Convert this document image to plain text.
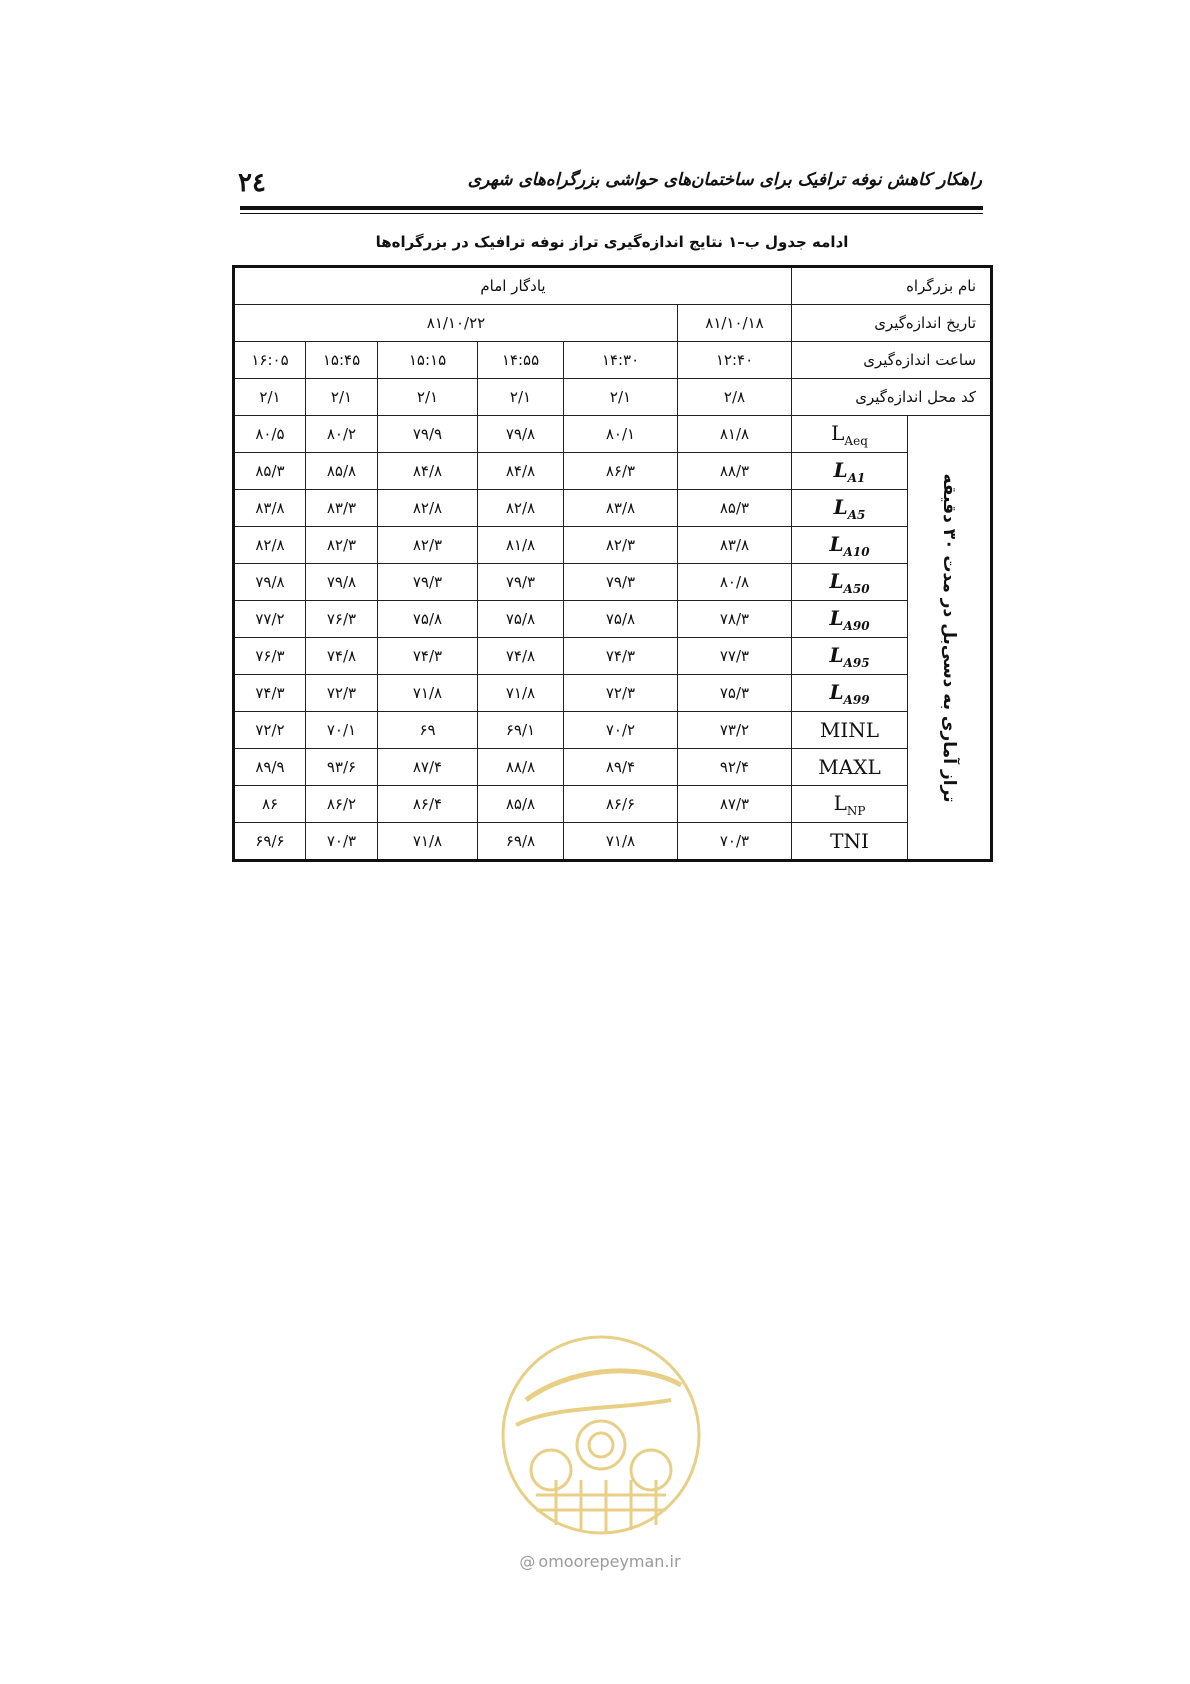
۲٤	راهکار کاهش نوفه ترافیک برای ساختمان‌های حواشی بزرگراه‌های شهری
ادامه جدول ب–۱ نتایج اندازه‌گیری تراز نوفه ترافیک در بزرگراه‌ها
نام بزرگراه		یادگار امام					
تاریخ اندازه‌گیری		۸۱/۱۰/۱۸	۸۱/۱۰/۲۲				
ساعت اندازه‌گیری		۱۲:۴۰	۱۴:۳۰	۱۴:۵۵	۱۵:۱۵	۱۵:۴۵	۱۶:۰۵
کد محل اندازه‌گیری		۲/۸	۲/۱	۲/۱	۲/۱	۲/۱	۲/۱

تراز آماری به دسی‌بل در مدت ۳۰ دقیقه	$L_{Aeq}$	۸۱/۸	۸۰/۱	۷۹/۸	۷۹/۹	۸۰/۲	۸۰/۵
	$L_{A1}$	۸۸/۳	۸۶/۳	۸۴/۸	۸۴/۸	۸۵/۸	۸۵/۳
	$L_{A5}$	۸۵/۳	۸۳/۸	۸۲/۸	۸۲/۸	۸۳/۳	۸۳/۸
	$L_{A10}$	۸۳/۸	۸۲/۳	۸۱/۸	۸۲/۳	۸۲/۳	۸۲/۸
	$L_{A50}$	۸۰/۸	۷۹/۳	۷۹/۳	۷۹/۳	۷۹/۸	۷۹/۸
	$L_{A90}$	۷۸/۳	۷۵/۸	۷۵/۸	۷۵/۸	۷۶/۳	۷۷/۲
	$L_{A95}$	۷۷/۳	۷۴/۳	۷۴/۸	۷۴/۳	۷۴/۸	۷۶/۳
	$L_{A99}$	۷۵/۳	۷۲/۳	۷۱/۸	۷۱/۸	۷۲/۳	۷۴/۳
	MINL	۷۳/۲	۷۰/۲	۶۹/۱	۶۹	۷۰/۱	۷۲/۲
	MAXL	۹۲/۴	۸۹/۴	۸۸/۸	۸۷/۴	۹۳/۶	۸۹/۹
	$L_{NP}$	۸۷/۳	۸۶/۶	۸۵/۸	۸۶/۴	۸۶/۲	۸۶
	TNI	۷۰/۳	۷۱/۸	۶۹/۸	۷۱/۸	۷۰/۳	۶۹/۶
@ omoorepeyman.ir
